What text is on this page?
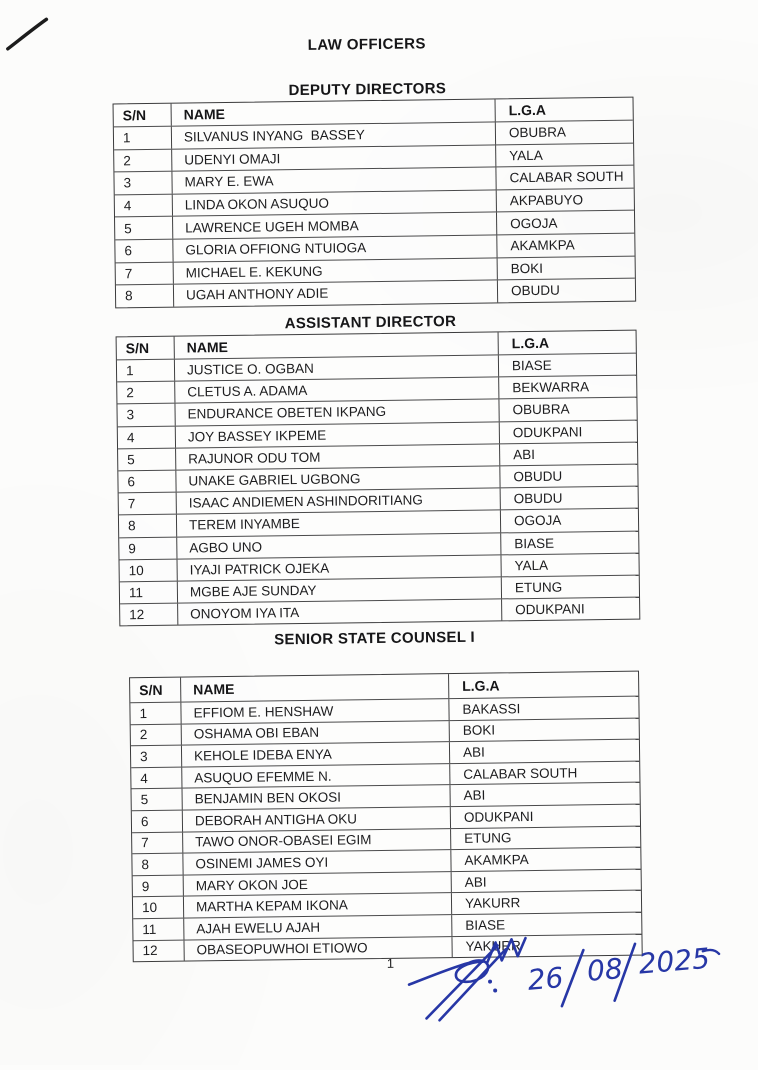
LAW OFFICERS
DEPUTY DIRECTORS
S/N	NAME	L.G.A
1	SILVANUS INYANG  BASSEY	OBUBRA
2	UDENYI OMAJI	YALA
3	MARY E. EWA	CALABAR SOUTH
4	LINDA OKON ASUQUO	AKPABUYO
5	LAWRENCE UGEH MOMBA	OGOJA
6	GLORIA OFFIONG NTUIOGA	AKAMKPA
7	MICHAEL E. KEKUNG	BOKI
8	UGAH ANTHONY ADIE	OBUDU
ASSISTANT DIRECTOR
S/N	NAME	L.G.A
1	JUSTICE O. OGBAN	BIASE
2	CLETUS A. ADAMA	BEKWARRA
3	ENDURANCE OBETEN IKPANG	OBUBRA
4	JOY BASSEY IKPEME	ODUKPANI
5	RAJUNOR ODU TOM	ABI
6	UNAKE GABRIEL UGBONG	OBUDU
7	ISAAC ANDIEMEN ASHINDORITIANG	OBUDU
8	TEREM INYAMBE	OGOJA
9	AGBO UNO	BIASE
10	IYAJI PATRICK OJEKA	YALA
11	MGBE AJE SUNDAY	ETUNG
12	ONOYOM IYA ITA	ODUKPANI
SENIOR STATE COUNSEL I
S/N	NAME	L.G.A
1	EFFIOM E. HENSHAW	BAKASSI
2	OSHAMA OBI EBAN	BOKI
3	KEHOLE IDEBA ENYA	ABI
4	ASUQUO EFEMME N.	CALABAR SOUTH
5	BENJAMIN BEN OKOSI	ABI
6	DEBORAH ANTIGHA OKU	ODUKPANI
7	TAWO ONOR-OBASEI EGIM	ETUNG
8	OSINEMI JAMES OYI	AKAMKPA
9	MARY OKON JOE	ABI
10	MARTHA KEPAM IKONA	YAKURR
11	AJAH EWELU AJAH	BIASE
12	OBASEOPUWHOI ETIOWO	YAKURR
1	26 08 2025
